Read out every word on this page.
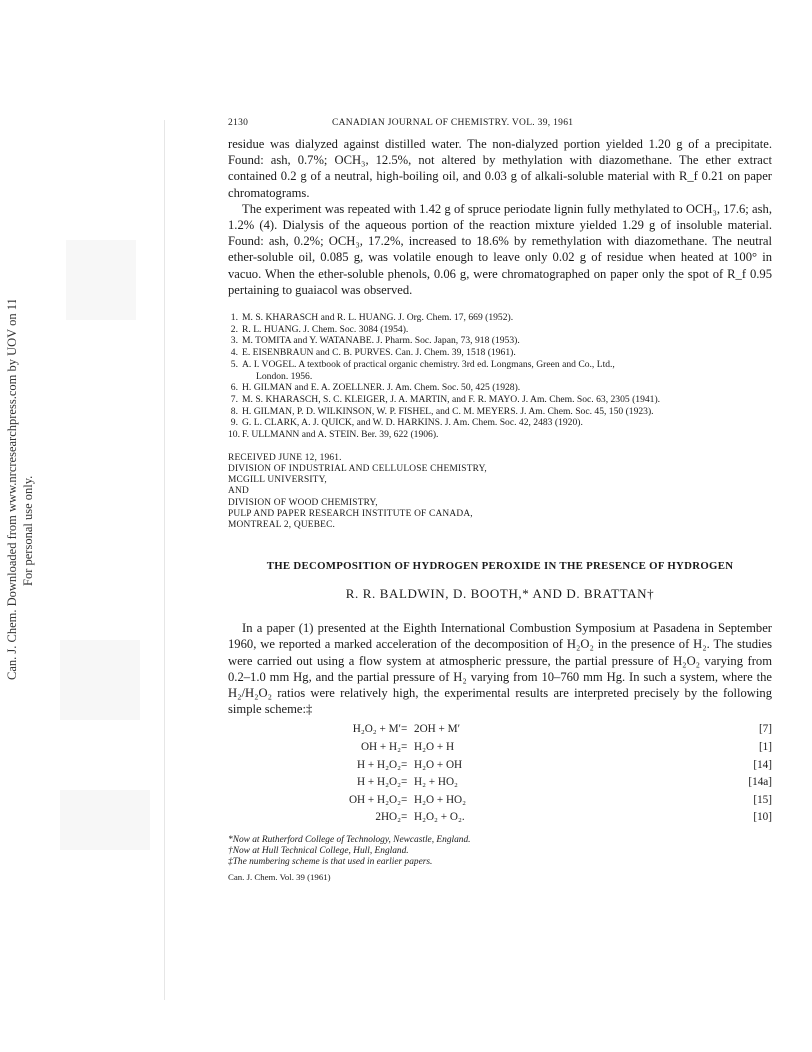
Can. J. Chem. Downloaded from www.nrcresearchpress.com by UOV on 11/11/14 For personal use only.
2130	CANADIAN JOURNAL OF CHEMISTRY. VOL. 39, 1961

residue was dialyzed against distilled water. The non-dialyzed portion yielded 1.20 g of a precipitate. Found: ash, 0.7%; OCH₃, 12.5%, not altered by methylation with diazomethane. The ether extract contained 0.2 g of a neutral, high-boiling oil, and 0.03 g of alkali-soluble material with R_f 0.21 on paper chromatograms.

The experiment was repeated with 1.42 g of spruce periodate lignin fully methylated to OCH₃, 17.6; ash, 1.2% (4). Dialysis of the aqueous portion of the reaction mixture yielded 1.29 g of insoluble material. Found: ash, 0.2%; OCH₃, 17.2%, increased to 18.6% by remethylation with diazomethane. The neutral ether-soluble oil, 0.085 g, was volatile enough to leave only 0.02 g of residue when heated at 100° in vacuo. When the ether-soluble phenols, 0.06 g, were chromatographed on paper only the spot of R_f 0.95 pertaining to guaiacol was observed.

1. M. S. KHARASCH and R. L. HUANG. J. Org. Chem. 17, 669 (1952).
2. R. L. HUANG. J. Chem. Soc. 3084 (1954).
3. M. TOMITA and Y. WATANABE. J. Pharm. Soc. Japan, 73, 918 (1953).
4. E. EISENBRAUN and C. B. PURVES. Can. J. Chem. 39, 1518 (1961).
5. A. I. VOGEL. A textbook of practical organic chemistry. 3rd ed. Longmans, Green and Co., Ltd.,
London. 1956.
6. H. GILMAN and E. A. ZOELLNER. J. Am. Chem. Soc. 50, 425 (1928).
7. M. S. KHARASCH, S. C. KLEIGER, J. A. MARTIN, and F. R. MAYO. J. Am. Chem. Soc. 63, 2305 (1941).
8. H. GILMAN, P. D. WILKINSON, W. P. FISHEL, and C. M. MEYERS. J. Am. Chem. Soc. 45, 150 (1923).
9. G. L. CLARK, A. J. QUICK, and W. D. HARKINS. J. Am. Chem. Soc. 42, 2483 (1920).
10. F. ULLMANN and A. STEIN. Ber. 39, 622 (1906).
RECEIVED JUNE 12, 1961.
DIVISION OF INDUSTRIAL AND CELLULOSE CHEMISTRY,
MCGILL UNIVERSITY,
AND
DIVISION OF WOOD CHEMISTRY,
PULP AND PAPER RESEARCH INSTITUTE OF CANADA,
MONTREAL 2, QUEBEC.
THE DECOMPOSITION OF HYDROGEN PEROXIDE IN THE PRESENCE OF HYDROGEN
R. R. BALDWIN, D. BOOTH,* AND D. BRATTAN†

In a paper (1) presented at the Eighth International Combustion Symposium at Pasadena in September 1960, we reported a marked acceleration of the decomposition of H₂O₂ in the presence of H₂. The studies were carried out using a flow system at atmospheric pressure, the partial pressure of H₂O₂ varying from 0.2–1.0 mm Hg, and the partial pressure of H₂ varying from 10–760 mm Hg. In such a system, where the H₂/H₂O₂ ratios were relatively high, the experimental results are interpreted precisely by the following simple scheme:‡

H₂O₂ + M′ = 2OH + M′	[7]
OH + H₂ = H₂O + H	[1]
H + H₂O₂ = H₂O + OH	[14]
H + H₂O₂ = H₂ + HO₂	[14a]
OH + H₂O₂ = H₂O + HO₂	[15]
2HO₂ = H₂O₂ + O₂.	[10]
*Now at Rutherford College of Technology, Newcastle, England.
†Now at Hull Technical College, Hull, England.
‡The numbering scheme is that used in earlier papers.
Can. J. Chem. Vol. 39 (1961)
